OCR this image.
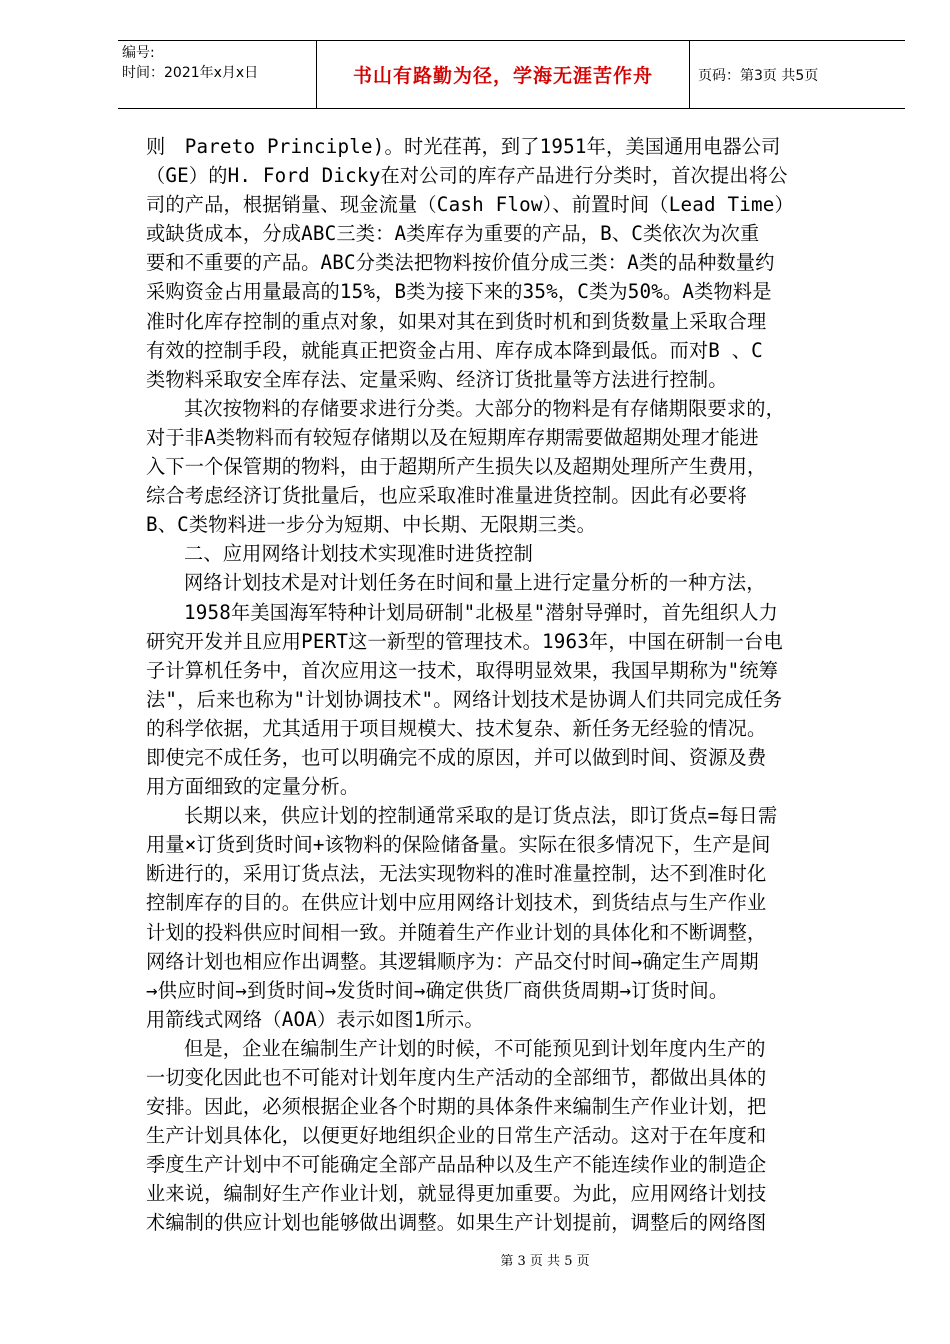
编号:
时间：2021年x月x日	书山有路勤为径，学海无涯苦作舟	页码：第3页 共5页
则　Pareto Principle)。时光荏苒，到了1951年，美国通用电器公司
（GE）的H. Ford Dicky在对公司的库存产品进行分类时，首次提出将公
司的产品，根据销量、现金流量（Cash Flow）、前置时间（Lead Time）
或缺货成本，分成ABC三类：A类库存为重要的产品，B、C类依次为次重
要和不重要的产品。ABC分类法把物料按价值分成三类：A类的品种数量约
采购资金占用量最高的15%，B类为接下来的35%，C类为50%。A类物料是
准时化库存控制的重点对象，如果对其在到货时机和到货数量上采取合理
有效的控制手段，就能真正把资金占用、库存成本降到最低。而对B 、C
类物料采取安全库存法、定量采购、经济订货批量等方法进行控制。
其次按物料的存储要求进行分类。大部分的物料是有存储期限要求的，
对于非A类物料而有较短存储期以及在短期库存期需要做超期处理才能进
入下一个保管期的物料，由于超期所产生损失以及超期处理所产生费用，
综合考虑经济订货批量后，也应采取准时准量进货控制。因此有必要将
B、C类物料进一步分为短期、中长期、无限期三类。
二、应用网络计划技术实现准时进货控制
网络计划技术是对计划任务在时间和量上进行定量分析的一种方法，
1958年美国海军特种计划局研制"北极星"潜射导弹时，首先组织人力
研究开发并且应用PERT这一新型的管理技术。1963年，中国在研制一台电
子计算机任务中，首次应用这一技术，取得明显效果，我国早期称为"统筹
法"，后来也称为"计划协调技术"。网络计划技术是协调人们共同完成任务
的科学依据，尤其适用于项目规模大、技术复杂、新任务无经验的情况。
即使完不成任务，也可以明确完不成的原因，并可以做到时间、资源及费
用方面细致的定量分析。
长期以来，供应计划的控制通常采取的是订货点法，即订货点=每日需
用量×订货到货时间+该物料的保险储备量。实际在很多情况下，生产是间
断进行的，采用订货点法，无法实现物料的准时准量控制，达不到准时化
控制库存的目的。在供应计划中应用网络计划技术，到货结点与生产作业
计划的投料供应时间相一致。并随着生产作业计划的具体化和不断调整，
网络计划也相应作出调整。其逻辑顺序为：产品交付时间→确定生产周期
→供应时间→到货时间→发货时间→确定供货厂商供货周期→订货时间。
用箭线式网络（AOA）表示如图1所示。
但是，企业在编制生产计划的时候，不可能预见到计划年度内生产的
一切变化因此也不可能对计划年度内生产活动的全部细节，都做出具体的
安排。因此，必须根据企业各个时期的具体条件来编制生产作业计划，把
生产计划具体化，以便更好地组织企业的日常生产活动。这对于在年度和
季度生产计划中不可能确定全部产品品种以及生产不能连续作业的制造企
业来说，编制好生产作业计划，就显得更加重要。为此，应用网络计划技
术编制的供应计划也能够做出调整。如果生产计划提前，调整后的网络图
第 3 页 共 5 页
